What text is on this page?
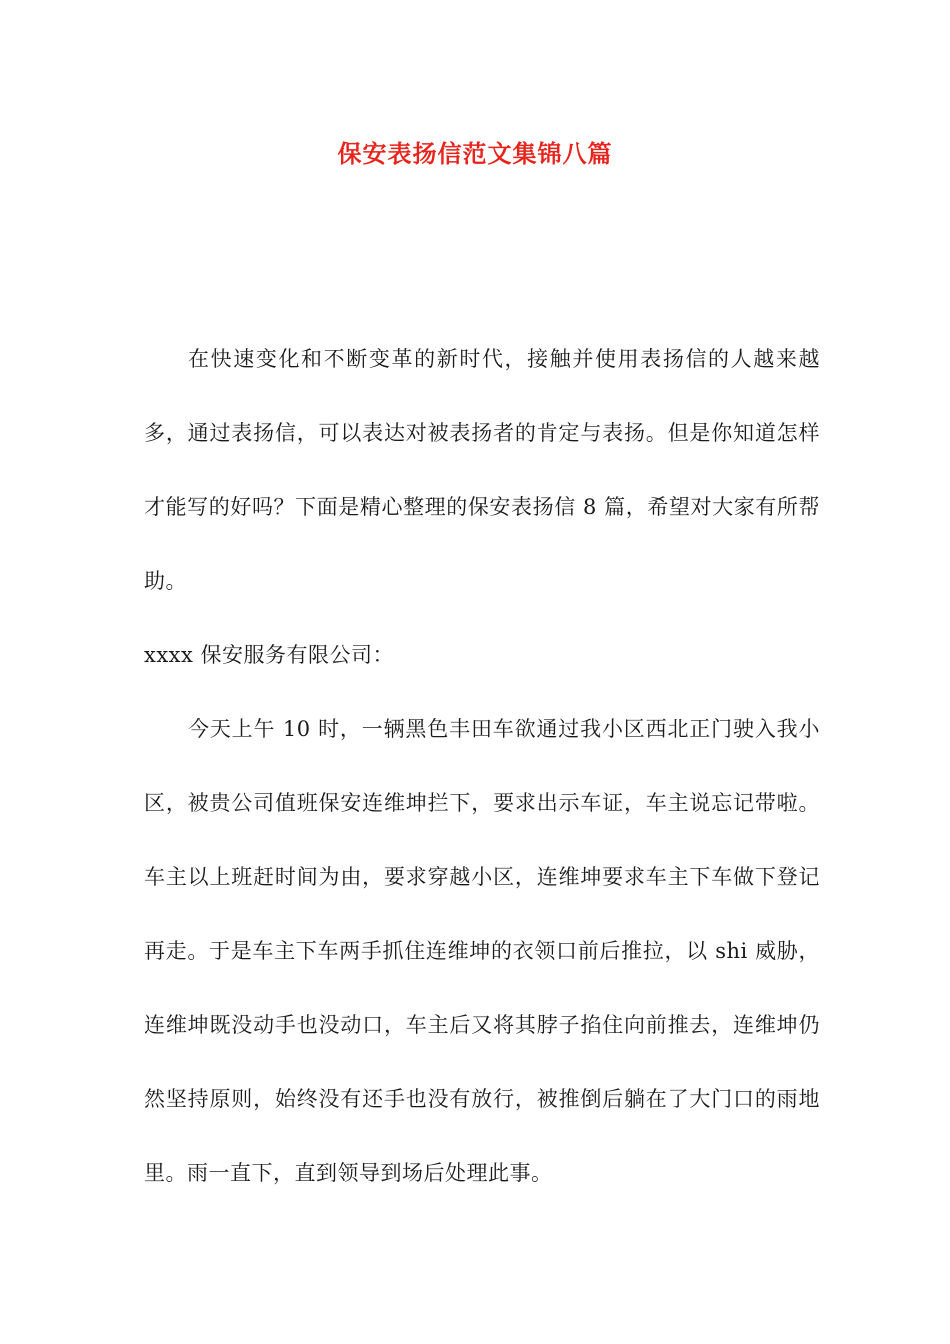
保安表扬信范文集锦八篇

在快速变化和不断变革的新时代，接触并使用表扬信的人越来越多，通过表扬信，可以表达对被表扬者的肯定与表扬。但是你知道怎样才能写的好吗？下面是精心整理的保安表扬信 8 篇，希望对大家有所帮助。

xxxx 保安服务有限公司：

今天上午 10 时，一辆黑色丰田车欲通过我小区西北正门驶入我小区，被贵公司值班保安连维坤拦下，要求出示车证，车主说忘记带啦。车主以上班赶时间为由，要求穿越小区，连维坤要求车主下车做下登记再走。于是车主下车两手抓住连维坤的衣领口前后推拉，以 shi 威胁，连维坤既没动手也没动口，车主后又将其脖子掐住向前推去，连维坤仍然坚持原则，始终没有还手也没有放行，被推倒后躺在了大门口的雨地里。雨一直下，直到领导到场后处理此事。
